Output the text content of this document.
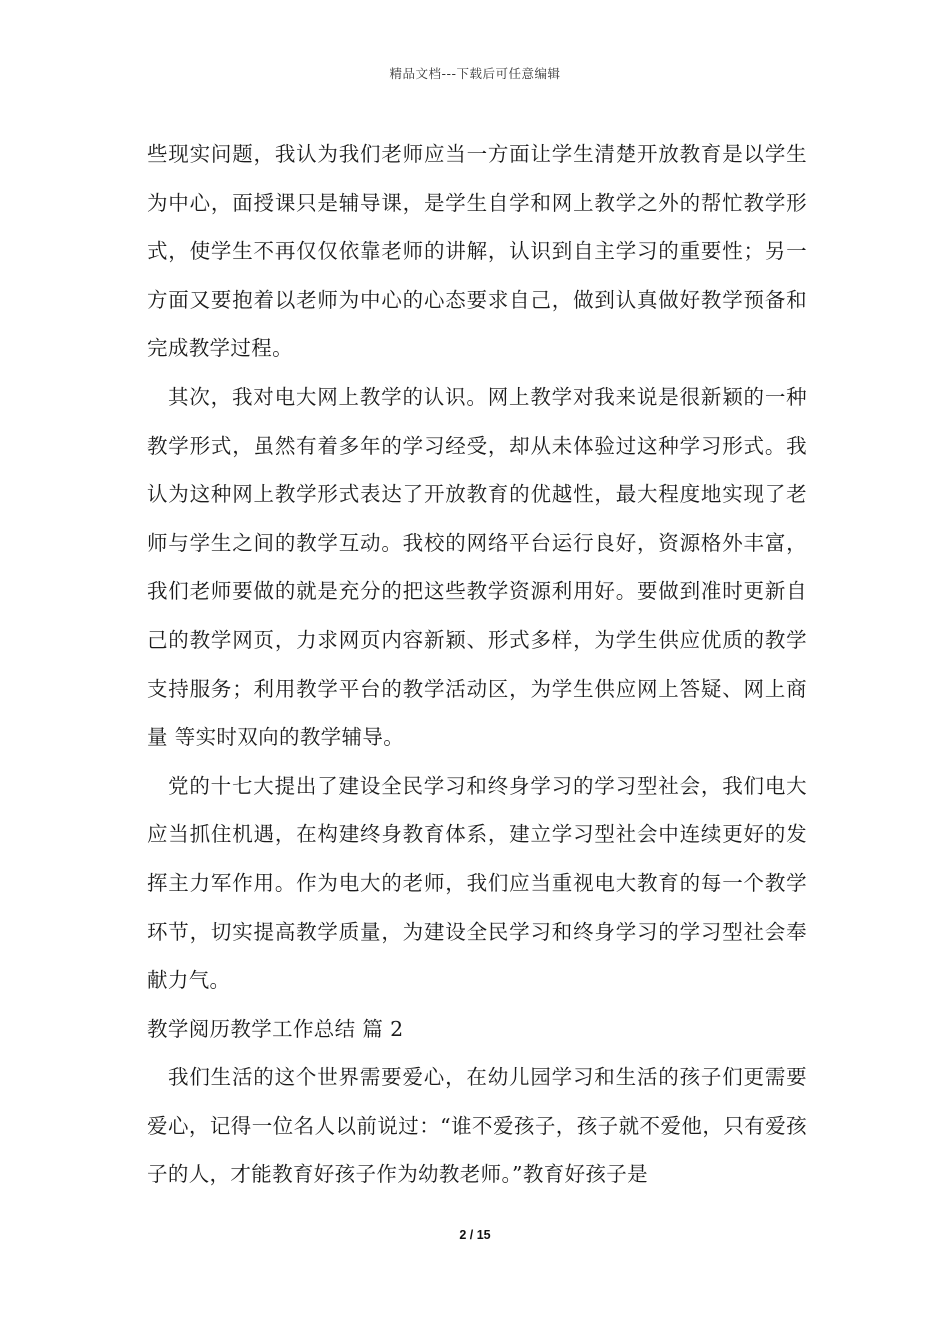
精品文档---下载后可任意编辑

些现实问题，我认为我们老师应当一方面让学生清楚开放教育是以学生为中心，面授课只是辅导课，是学生自学和网上教学之外的帮忙教学形式，使学生不再仅仅依靠老师的讲解，认识到自主学习的重要性；另一方面又要抱着以老师为中心的心态要求自己，做到认真做好教学预备和完成教学过程。

其次，我对电大网上教学的认识。网上教学对我来说是很新颖的一种教学形式，虽然有着多年的学习经受，却从未体验过这种学习形式。我认为这种网上教学形式表达了开放教育的优越性，最大程度地实现了老师与学生之间的教学互动。我校的网络平台运行良好，资源格外丰富，我们老师要做的就是充分的把这些教学资源利用好。要做到准时更新自己的教学网页，力求网页内容新颖、形式多样，为学生供应优质的教学支持服务；利用教学平台的教学活动区，为学生供应网上答疑、网上商量 等实时双向的教学辅导。

党的十七大提出了建设全民学习和终身学习的学习型社会，我们电大应当抓住机遇，在构建终身教育体系，建立学习型社会中连续更好的发挥主力军作用。作为电大的老师，我们应当重视电大教育的每一个教学环节，切实提高教学质量，为建设全民学习和终身学习的学习型社会奉献力气。

教学阅历教学工作总结 篇 2

我们生活的这个世界需要爱心，在幼儿园学习和生活的孩子们更需要爱心，记得一位名人以前说过：“谁不爱孩子，孩子就不爱他，只有爱孩子的人，才能教育好孩子作为幼教老师。”教育好孩子是

2 / 15
